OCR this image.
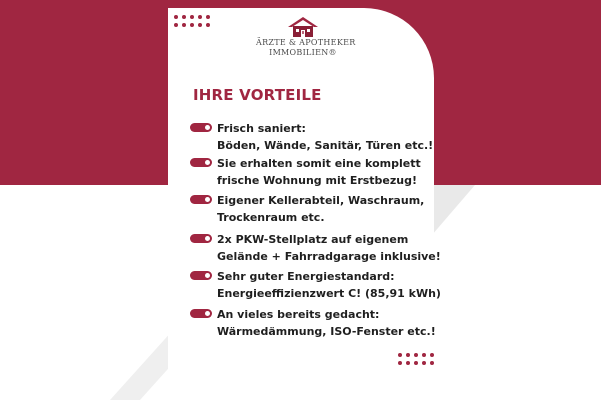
ÄRZTE & APOTHEKER
IMMOBILIEN®
IHRE VORTEILE
Frisch saniert:
Böden, Wände, Sanitär, Türen etc.!
Sie erhalten somit eine komplett
frische Wohnung mit Erstbezug!
Eigener Kellerabteil, Waschraum,
Trockenraum etc.
2x PKW-Stellplatz auf eigenem
Gelände + Fahrradgarage inklusive!
Sehr guter Energiestandard:
Energieeffizienzwert C! (85,91 kWh)
An vieles bereits gedacht:
Wärmedämmung, ISO-Fenster etc.!
